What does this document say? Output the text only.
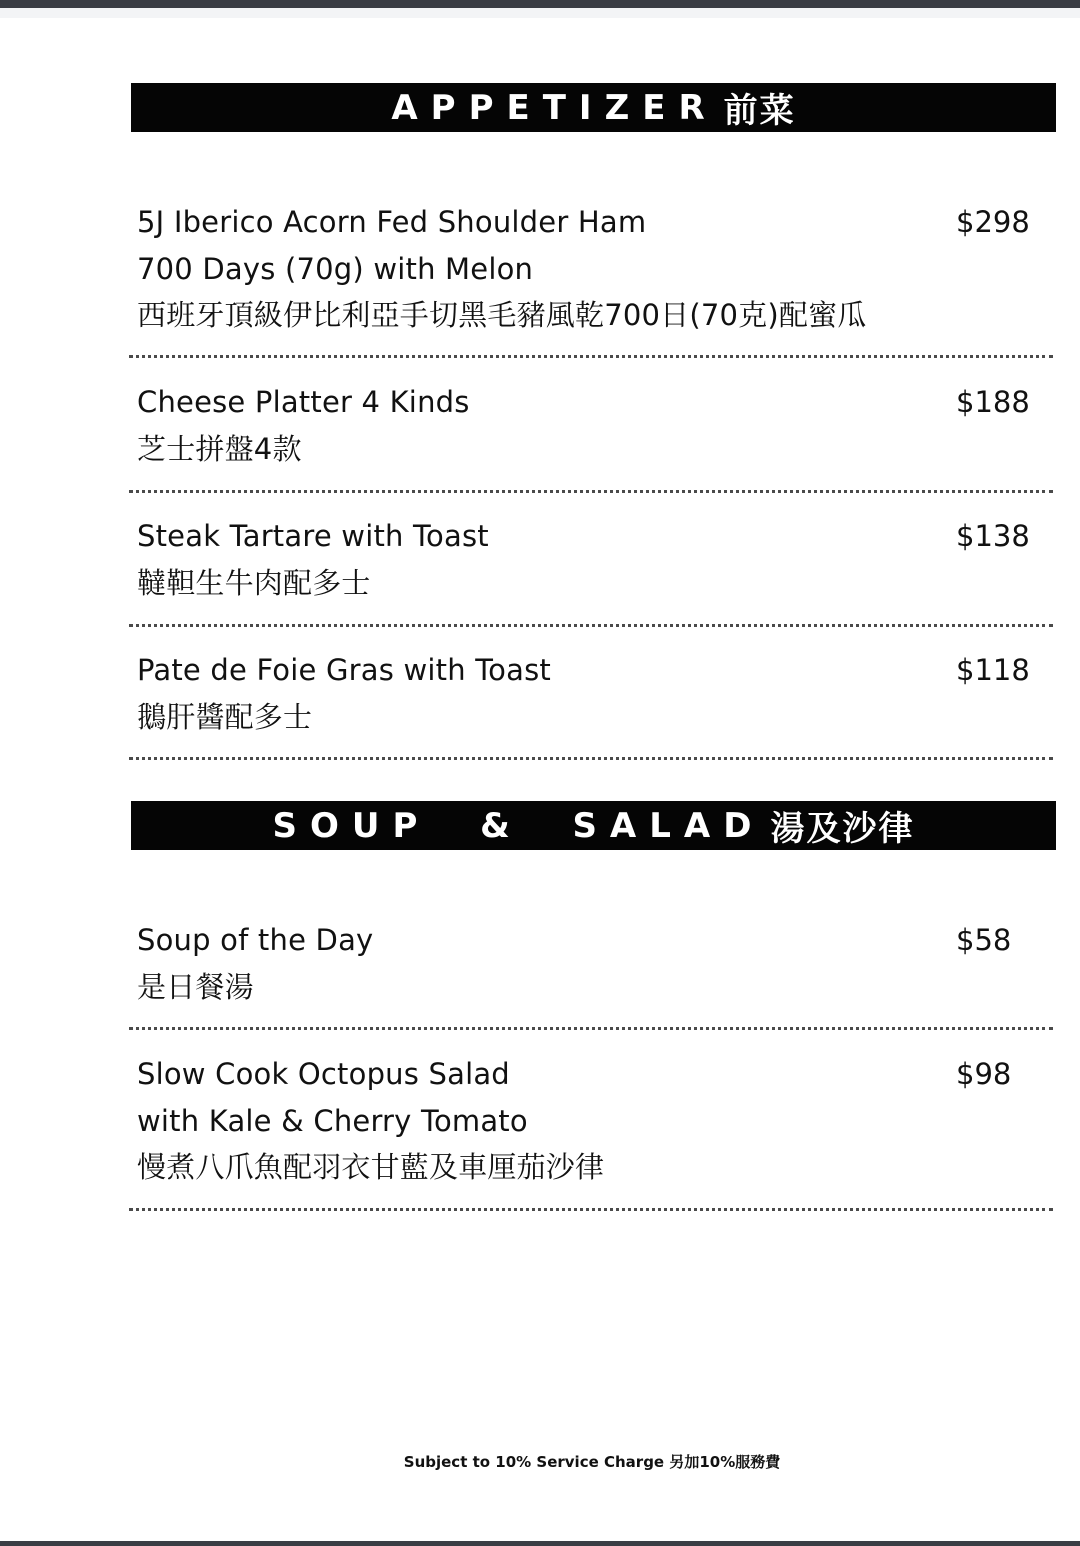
APPETIZER 前菜
5J Iberico Acorn Fed Shoulder Ham
700 Days (70g) with Melon
西班牙頂級伊比利亞手切黑毛豬風乾700日(70克)配蜜瓜
$298
Cheese Platter 4 Kinds
芝士拼盤4款
$188
Steak Tartare with Toast
韃靼生牛肉配多士
$138
Pate de Foie Gras with Toast
鵝肝醬配多士
$118
SOUP  &  SALAD 湯及沙律
Soup of the Day
是日餐湯
$58
Slow Cook Octopus Salad
with Kale & Cherry Tomato
慢煮八爪魚配羽衣甘藍及車厘茄沙律
$98
Subject to 10% Service Charge 另加10%服務費
